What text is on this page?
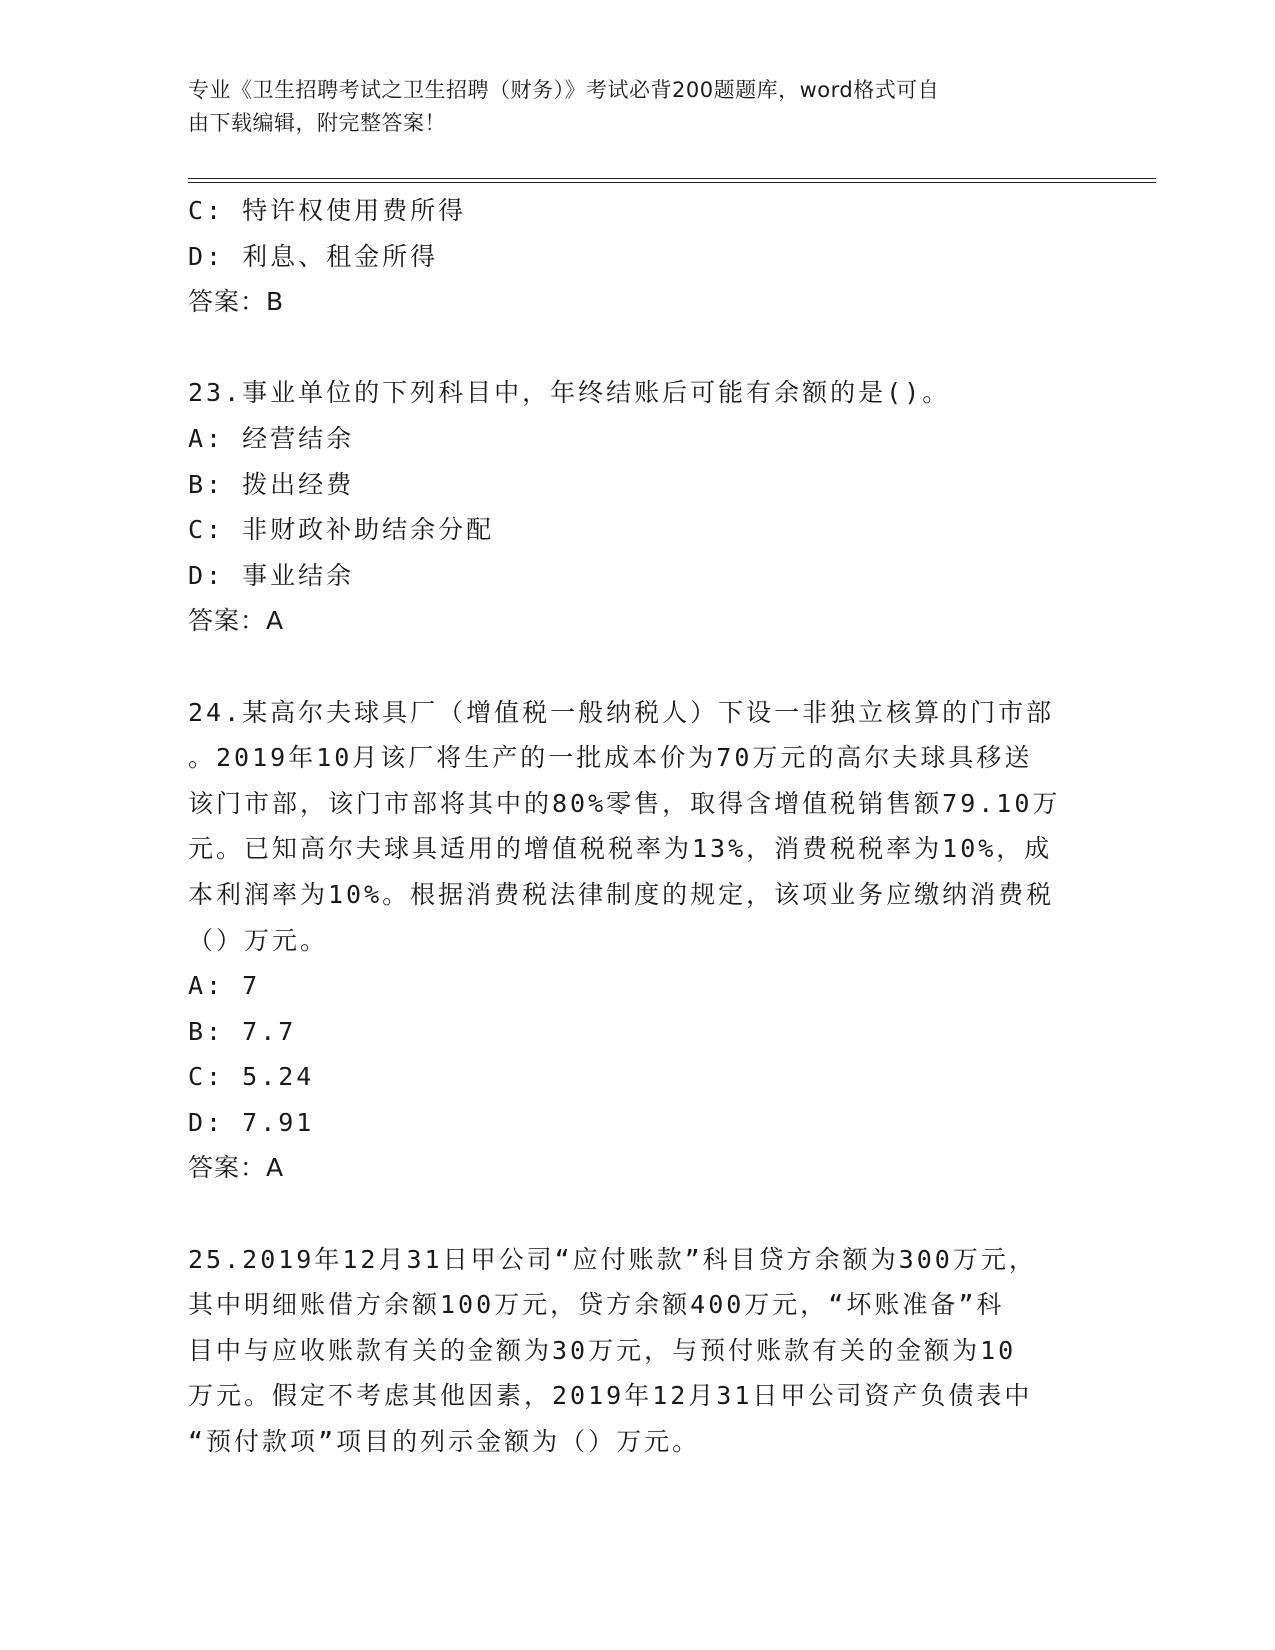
专业《卫生招聘考试之卫生招聘（财务）》考试必背200题题库，word格式可自
由下载编辑，附完整答案！
C: 特许权使用费所得
D: 利息、租金所得
答案：B
23.事业单位的下列科目中，年终结账后可能有余额的是()。
A: 经营结余
B: 拨出经费
C: 非财政补助结余分配
D: 事业结余
答案：A
24.某高尔夫球具厂（增值税一般纳税人）下设一非独立核算的门市部
。2019年10月该厂将生产的一批成本价为70万元的高尔夫球具移送
该门市部，该门市部将其中的80%零售，取得含增值税销售额79.10万
元。已知高尔夫球具适用的增值税税率为13%，消费税税率为10%，成
本利润率为10%。根据消费税法律制度的规定，该项业务应缴纳消费税
（）万元。
A: 7
B: 7.7
C: 5.24
D: 7.91
答案：A
25.2019年12月31日甲公司“应付账款”科目贷方余额为300万元，
其中明细账借方余额100万元，贷方余额400万元，“坏账准备”科
目中与应收账款有关的金额为30万元，与预付账款有关的金额为10
万元。假定不考虑其他因素，2019年12月31日甲公司资产负债表中
“预付款项”项目的列示金额为（）万元。
